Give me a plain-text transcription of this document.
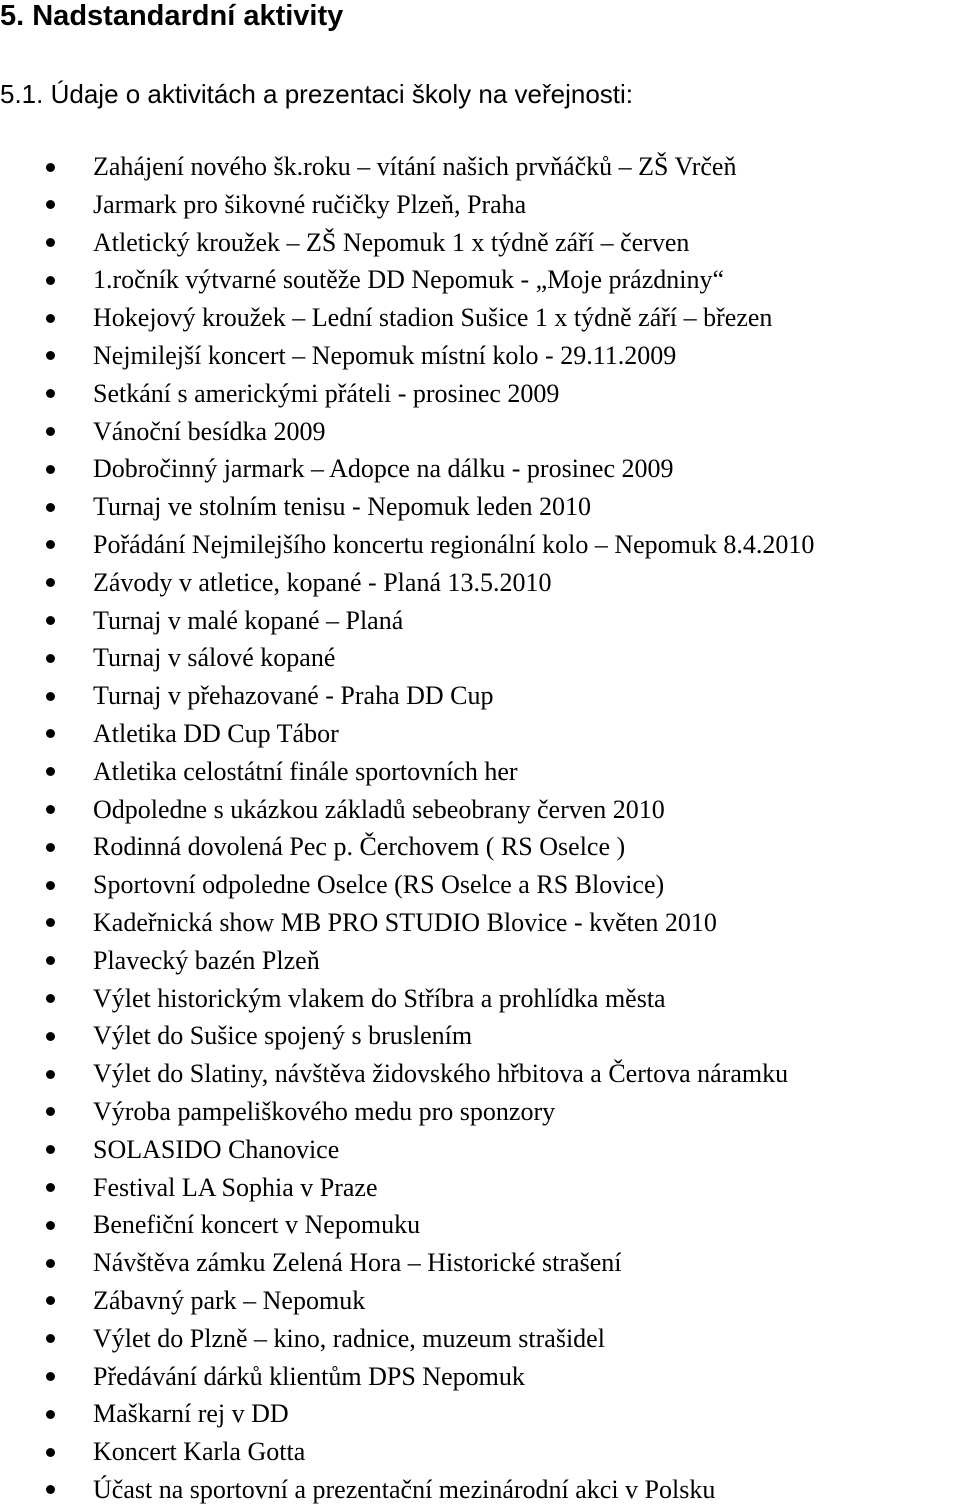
5. Nadstandardní aktivity
5.1. Údaje o aktivitách a prezentaci školy na veřejnosti:
Zahájení nového šk.roku – vítání našich prvňáčků – ZŠ Vrčeň
Jarmark pro šikovné ručičky Plzeň, Praha
Atletický kroužek – ZŠ Nepomuk 1 x týdně září – červen
1.ročník výtvarné soutěže DD Nepomuk - „Moje prázdniny“
Hokejový kroužek – Lední stadion Sušice 1 x týdně září – březen
Nejmilejší koncert – Nepomuk místní kolo - 29.11.2009
Setkání s americkými přáteli - prosinec 2009
Vánoční besídka 2009
Dobročinný jarmark – Adopce na dálku - prosinec 2009
Turnaj ve stolním tenisu - Nepomuk leden 2010
Pořádání Nejmilejšího koncertu regionální kolo – Nepomuk 8.4.2010
Závody v atletice, kopané - Planá 13.5.2010
Turnaj v malé kopané – Planá
Turnaj v sálové kopané
Turnaj v přehazované - Praha DD Cup
Atletika DD Cup Tábor
Atletika celostátní finále sportovních her
Odpoledne s ukázkou základů sebeobrany červen 2010
Rodinná dovolená Pec p. Čerchovem ( RS Oselce )
Sportovní odpoledne Oselce (RS Oselce a RS Blovice)
Kadeřnická show MB PRO STUDIO Blovice - květen 2010
Plavecký bazén Plzeň
Výlet historickým vlakem do Stříbra a prohlídka města
Výlet do Sušice spojený s bruslením
Výlet do Slatiny, návštěva židovského hřbitova a Čertova náramku
Výroba pampeliškového medu pro sponzory
SOLASIDO Chanovice
Festival LA Sophia v Praze
Benefiční koncert v Nepomuku
Návštěva zámku Zelená Hora – Historické strašení
Zábavný park – Nepomuk
Výlet do Plzně – kino, radnice, muzeum strašidel
Předávání dárků klientům DPS Nepomuk
Maškarní rej v DD
Koncert Karla Gotta
Účast na sportovní a prezentační mezinárodní akci v Polsku
